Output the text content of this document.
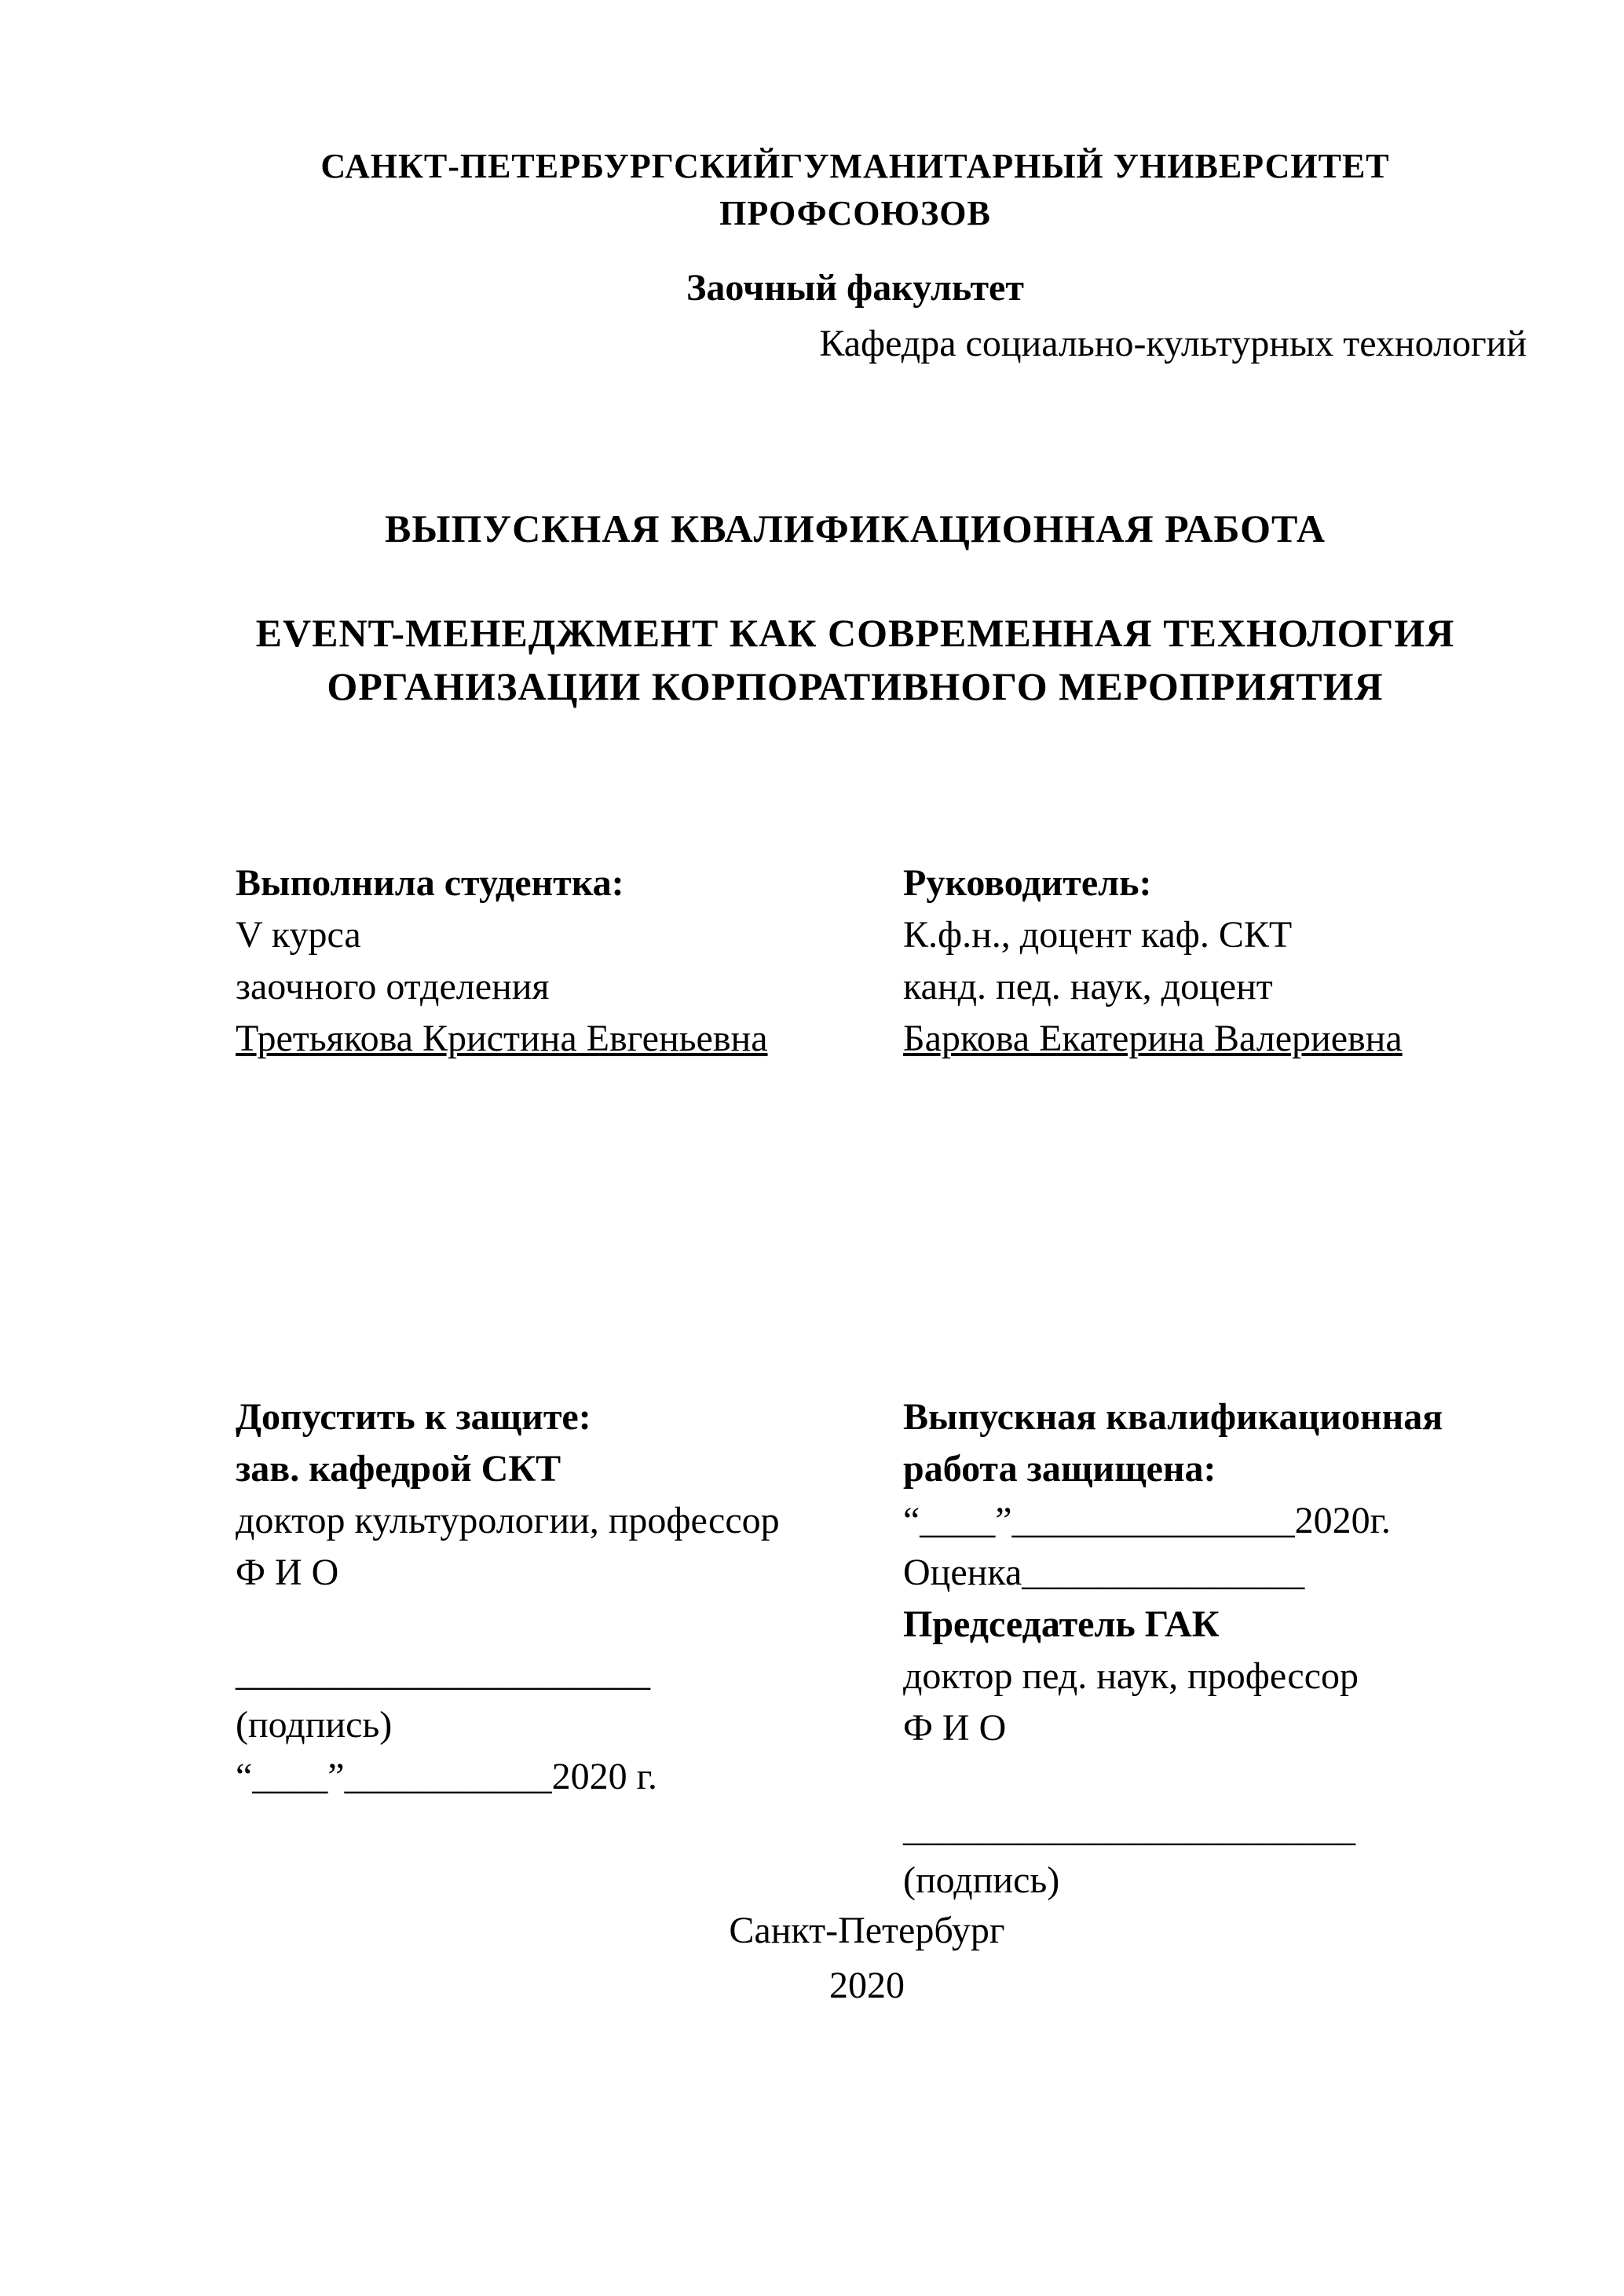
САНКТ-ПЕТЕРБУРГСКИЙГУМАНИТАРНЫЙ УНИВЕРСИТЕТ ПРОФСОЮЗОВ
Заочный факультет
Кафедра социально-культурных технологий
ВЫПУСКНАЯ КВАЛИФИКАЦИОННАЯ РАБОТА
EVENT-МЕНЕДЖМЕНТ КАК СОВРЕМЕННАЯ ТЕХНОЛОГИЯ
ОРГАНИЗАЦИИ КОРПОРАТИВНОГО МЕРОПРИЯТИЯ
Выполнила студентка:
V курса
заочного отделения
Третьякова Кристина Евгеньевна
Руководитель:
К.ф.н., доцент каф. СКТ
канд. пед. наук, доцент
Баркова Екатерина Валериевна
Допустить к защите:
зав. кафедрой СКТ
доктор культурологии, профессор
Ф И О
______________________
(подпись)
“____”___________2020 г.
Выпускная квалификационная
работа защищена:
“____”_______________2020г.
Оценка_______________
Председатель ГАК
доктор пед. наук, профессор
Ф И О
________________________
(подпись)
Санкт-Петербург
2020
